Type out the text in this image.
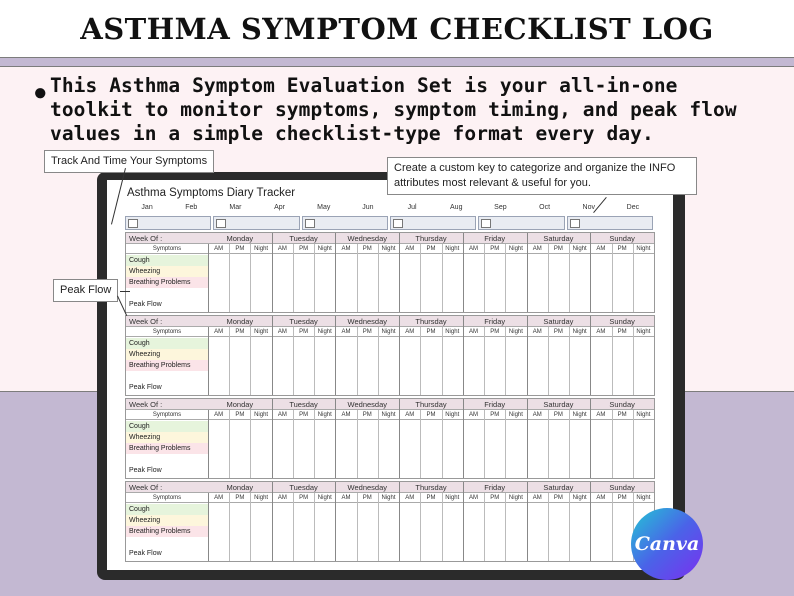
ASTHMA SYMPTOM CHECKLIST LOG
● This Asthma Symptom Evaluation Set is your all-in-one toolkit to monitor symptoms, symptom timing, and peak flow values in a simple checklist-type format every day.

Asthma Symptoms Diary Tracker
Jan	Feb	Mar	Apr	May	Jun	Jul	Aug	Sep	Oct	Nov	Dec
Week Of :	Monday	Tuesday	Wednesday	Thursday	Friday	Saturday	Sunday
Symptoms	AM PM Night AM PM Night AM PM Night AM PM Night AM PM Night AM PM Night AM PM Night
Cough
Wheezing
Breathing Problems
Peak Flow
Week Of :	Monday	Tuesday	Wednesday	Thursday	Friday	Saturday	Sunday
Symptoms	AM PM Night AM PM Night AM PM Night AM PM Night AM PM Night AM PM Night AM PM Night
Cough
Wheezing
Breathing Problems
Peak Flow
Week Of :	Monday	Tuesday	Wednesday	Thursday	Friday	Saturday	Sunday
Symptoms	AM PM Night AM PM Night AM PM Night AM PM Night AM PM Night AM PM Night AM PM Night
Cough
Wheezing
Breathing Problems
Peak Flow
Week Of :	Monday	Tuesday	Wednesday	Thursday	Friday	Saturday	Sunday
Symptoms	AM PM Night AM PM Night AM PM Night AM PM Night AM PM Night AM PM Night AM PM Night
Cough
Wheezing
Breathing Problems
Peak Flow
Track And Time Your Symptoms
Create a custom key to categorize and organize the INFO attributes most relevant & useful for you.
Peak Flow
Canva
